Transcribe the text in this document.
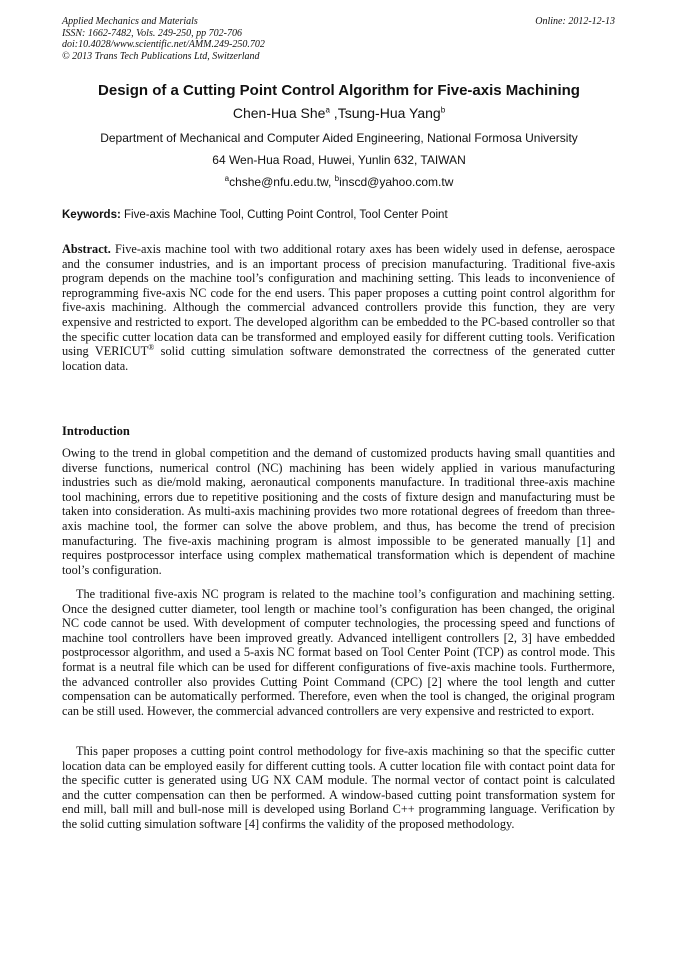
Applied Mechanics and Materials
ISSN: 1662-7482, Vols. 249-250, pp 702-706
doi:10.4028/www.scientific.net/AMM.249-250.702
© 2013 Trans Tech Publications Ltd, Switzerland
Online: 2012-12-13
Design of a Cutting Point Control Algorithm for Five-axis Machining
Chen-Hua She$^a$ ,Tsung-Hua Yang$^b$
Department of Mechanical and Computer Aided Engineering, National Formosa University
64 Wen-Hua Road, Huwei, Yunlin 632, TAIWAN
$^a$chshe@nfu.edu.tw, $^b$inscd@yahoo.com.tw
Keywords: Five-axis Machine Tool, Cutting Point Control, Tool Center Point
Abstract. Five-axis machine tool with two additional rotary axes has been widely used in defense, aerospace and the consumer industries, and is an important process of precision manufacturing. Traditional five-axis program depends on the machine tool’s configuration and machining setting. This leads to inconvenience of reprogramming five-axis NC code for the end users. This paper proposes a cutting point control algorithm for five-axis machining. Although the commercial advanced controllers provide this function, they are very expensive and restricted to export. The developed algorithm can be embedded to the PC-based controller so that the specific cutter location data can be transformed and employed easily for different cutting tools. Verification using VERICUT® solid cutting simulation software demonstrated the correctness of the generated cutter location data.
Introduction
Owing to the trend in global competition and the demand of customized products having small quantities and diverse functions, numerical control (NC) machining has been widely applied in various manufacturing industries such as die/mold making, aeronautical components manufacture. In traditional three-axis machine tool machining, errors due to repetitive positioning and the costs of fixture design and manufacturing must be taken into consideration. As multi-axis machining provides two more rotational degrees of freedom than three-axis machine tool, the former can solve the above problem, and thus, has become the trend of precision manufacturing. The five-axis machining program is almost impossible to be generated manually [1] and requires postprocessor interface using complex mathematical transformation which is dependent of machine tool’s configuration.
The traditional five-axis NC program is related to the machine tool’s configuration and machining setting. Once the designed cutter diameter, tool length or machine tool’s configuration has been changed, the original NC code cannot be used. With development of computer technologies, the processing speed and functions of machine tool controllers have been improved greatly. Advanced intelligent controllers [2, 3] have embedded postprocessor algorithm, and used a 5-axis NC format based on Tool Center Point (TCP) as control mode. This format is a neutral file which can be used for different configurations of five-axis machine tools. Furthermore, the advanced controller also provides Cutting Point Command (CPC) [2] where the tool length and cutter compensation can be automatically performed. Therefore, even when the tool is changed, the original program can be still used. However, the commercial advanced controllers are very expensive and restricted to export.
This paper proposes a cutting point control methodology for five-axis machining so that the specific cutter location data can be employed easily for different cutting tools. A cutter location file with contact point data for the specific cutter is generated using UG NX CAM module. The normal vector of contact point is calculated and the cutter compensation can then be performed. A window-based cutting point transformation system for end mill, ball mill and bull-nose mill is developed using Borland C++ programming language. Verification by the solid cutting simulation software [4] confirms the validity of the proposed methodology.
